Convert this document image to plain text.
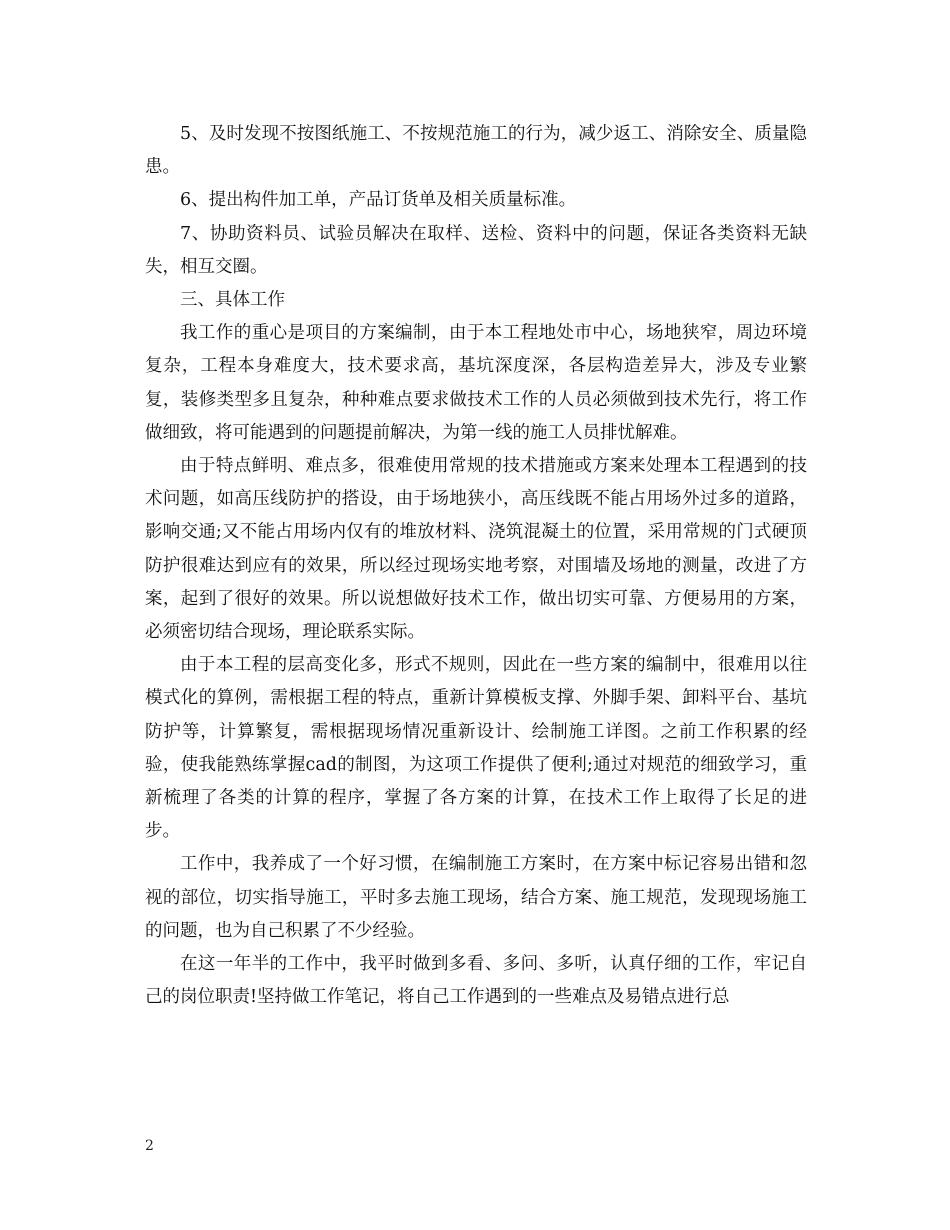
5、及时发现不按图纸施工、不按规范施工的行为，减少返工、消除安全、质量隐患。

6、提出构件加工单，产品订货单及相关质量标准。

7、协助资料员、试验员解决在取样、送检、资料中的问题，保证各类资料无缺失，相互交圈。

三、具体工作

我工作的重心是项目的方案编制，由于本工程地处市中心，场地狭窄，周边环境复杂，工程本身难度大，技术要求高，基坑深度深，各层构造差异大，涉及专业繁复，装修类型多且复杂，种种难点要求做技术工作的人员必须做到技术先行，将工作做细致，将可能遇到的问题提前解决，为第一线的施工人员排忧解难。

由于特点鲜明、难点多，很难使用常规的技术措施或方案来处理本工程遇到的技术问题，如高压线防护的搭设，由于场地狭小，高压线既不能占用场外过多的道路，影响交通;又不能占用场内仅有的堆放材料、浇筑混凝土的位置，采用常规的门式硬顶防护很难达到应有的效果，所以经过现场实地考察，对围墙及场地的测量，改进了方案，起到了很好的效果。所以说想做好技术工作，做出切实可靠、方便易用的方案，必须密切结合现场，理论联系实际。

由于本工程的层高变化多，形式不规则，因此在一些方案的编制中，很难用以往模式化的算例，需根据工程的特点，重新计算模板支撑、外脚手架、卸料平台、基坑防护等，计算繁复，需根据现场情况重新设计、绘制施工详图。之前工作积累的经验，使我能熟练掌握cad的制图，为这项工作提供了便利;通过对规范的细致学习，重新梳理了各类的计算的程序，掌握了各方案的计算，在技术工作上取得了长足的进步。

工作中，我养成了一个好习惯，在编制施工方案时，在方案中标记容易出错和忽视的部位，切实指导施工，平时多去施工现场，结合方案、施工规范，发现现场施工的问题，也为自己积累了不少经验。

在这一年半的工作中，我平时做到多看、多问、多听，认真仔细的工作，牢记自己的岗位职责!坚持做工作笔记，将自己工作遇到的一些难点及易错点进行总

2
